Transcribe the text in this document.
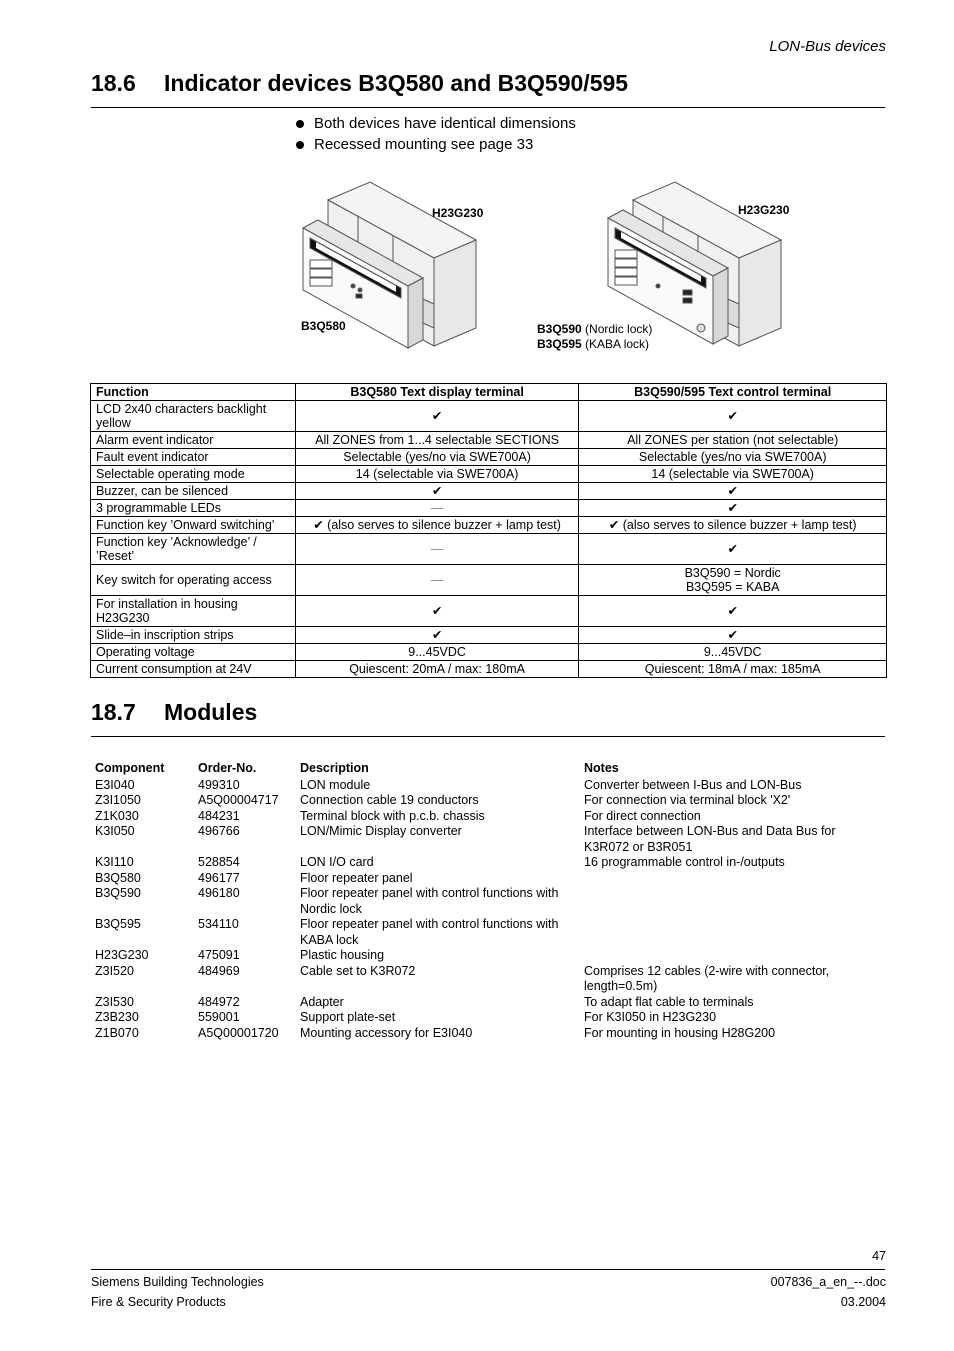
LON-Bus devices
18.6 Indicator devices B3Q580 and B3Q590/595
Both devices have identical dimensions
Recessed mounting see page 33
H23G230
B3Q580
H23G230
B3Q590 (Nordic lock)
B3Q595 (KABA lock)
Function	B3Q580 Text display terminal	B3Q590/595 Text control terminal
LCD 2x40 characters backlight yellow	✔	✔
Alarm event indicator	All ZONES from 1...4 selectable SECTIONS	All ZONES per station (not selectable)
Fault event indicator	Selectable (yes/no via SWE700A)	Selectable (yes/no via SWE700A)
Selectable operating mode	14 (selectable via SWE700A)	14 (selectable via SWE700A)
Buzzer, can be silenced	✔	✔
3 programmable LEDs	—	✔
Function key ’Onward switching’	✔ (also serves to silence buzzer + lamp test)	✔ (also serves to silence buzzer + lamp test)
Function key ’Acknowledge’ / ’Reset’	—	✔
Key switch for operating access	—	B3Q590 = Nordic
B3Q595 = KABA
For installation in housing H23G230	✔	✔
Slide–in inscription strips	✔	✔
Operating voltage	9...45VDC	9...45VDC
Current consumption at 24V	Quiescent: 20mA / max: 180mA	Quiescent: 18mA / max: 185mA
18.7 Modules
Component	Order-No.	Description	Notes
E3I040	499310	LON module	Converter between I-Bus and LON-Bus
Z3I1050	A5Q00004717	Connection cable 19 conductors	For connection via terminal block 'X2'
Z1K030	484231	Terminal block with p.c.b. chassis	For direct connection
K3I050	496766	LON/Mimic Display converter	Interface between LON-Bus and Data Bus for K3R072 or B3R051
K3I110	528854	LON I/O card	16 programmable control in-/outputs
B3Q580	496177	Floor repeater panel	
B3Q590	496180	Floor repeater panel with control functions with Nordic lock	
B3Q595	534110	Floor repeater panel with control functions with KABA lock	
H23G230	475091	Plastic housing	
Z3I520	484969	Cable set to K3R072	Comprises 12 cables (2-wire with connector, length=0.5m)
Z3I530	484972	Adapter	To adapt flat cable to terminals
Z3B230	559001	Support plate-set	For K3I050 in H23G230
Z1B070	A5Q00001720	Mounting accessory for E3I040	For mounting in housing H28G200
47
Siemens Building Technologies
Fire & Security Products
007836_a_en_--.doc
03.2004
